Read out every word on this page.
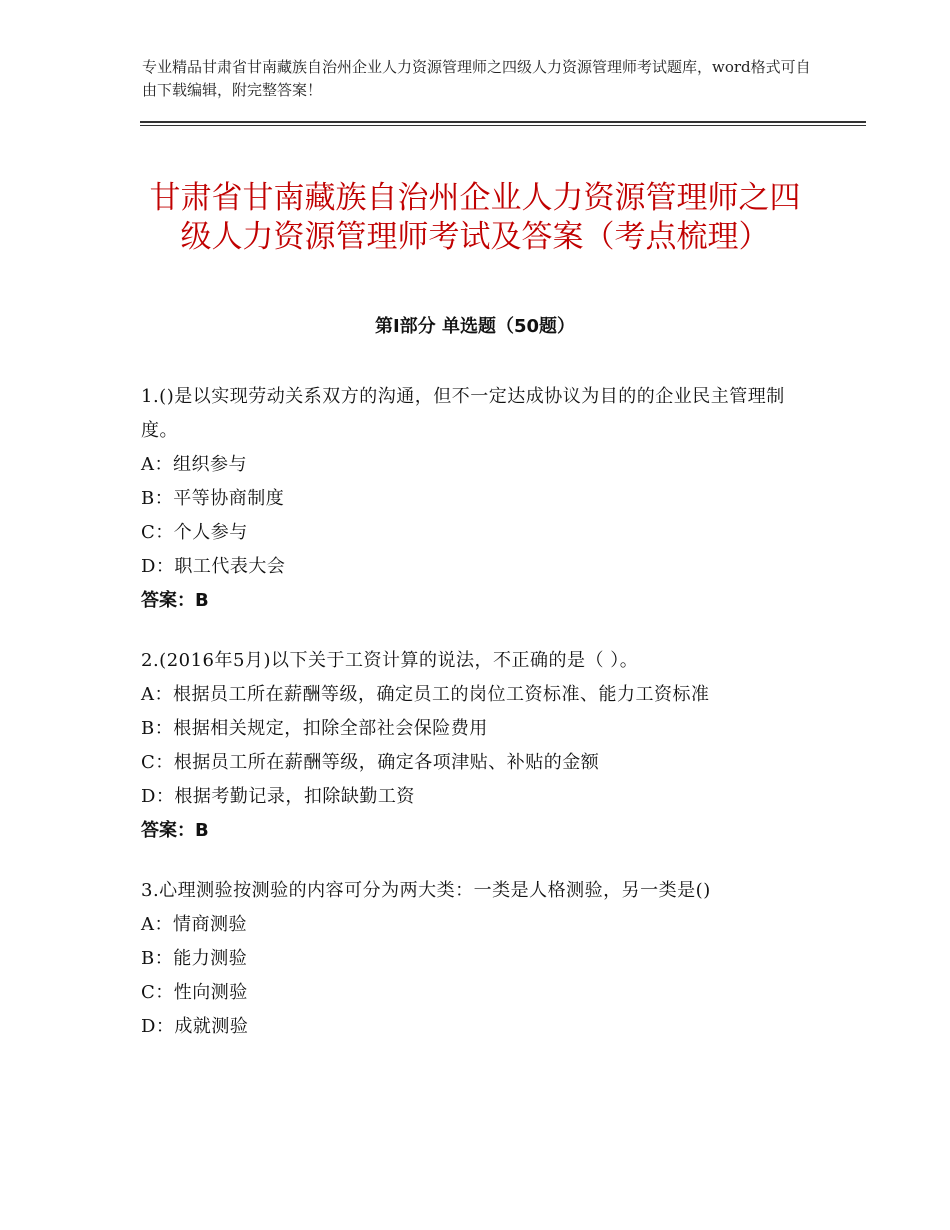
专业精品甘肃省甘南藏族自治州企业人力资源管理师之四级人力资源管理师考试题库，word格式可自由下载编辑，附完整答案！
甘肃省甘南藏族自治州企业人力资源管理师之四级人力资源管理师考试及答案（考点梳理）
第Ⅰ部分 单选题（50题）
1.()是以实现劳动关系双方的沟通，但不一定达成协议为目的的企业民主管理制度。
A：组织参与
B：平等协商制度
C：个人参与
D：职工代表大会
答案：B
2.(2016年5月)以下关于工资计算的说法，不正确的是（ ）。
A：根据员工所在薪酬等级，确定员工的岗位工资标准、能力工资标准
B：根据相关规定，扣除全部社会保险费用
C：根据员工所在薪酬等级，确定各项津贴、补贴的金额
D：根据考勤记录，扣除缺勤工资
答案：B
3.心理测验按测验的内容可分为两大类：一类是人格测验，另一类是()
A：情商测验
B：能力测验
C：性向测验
D：成就测验
